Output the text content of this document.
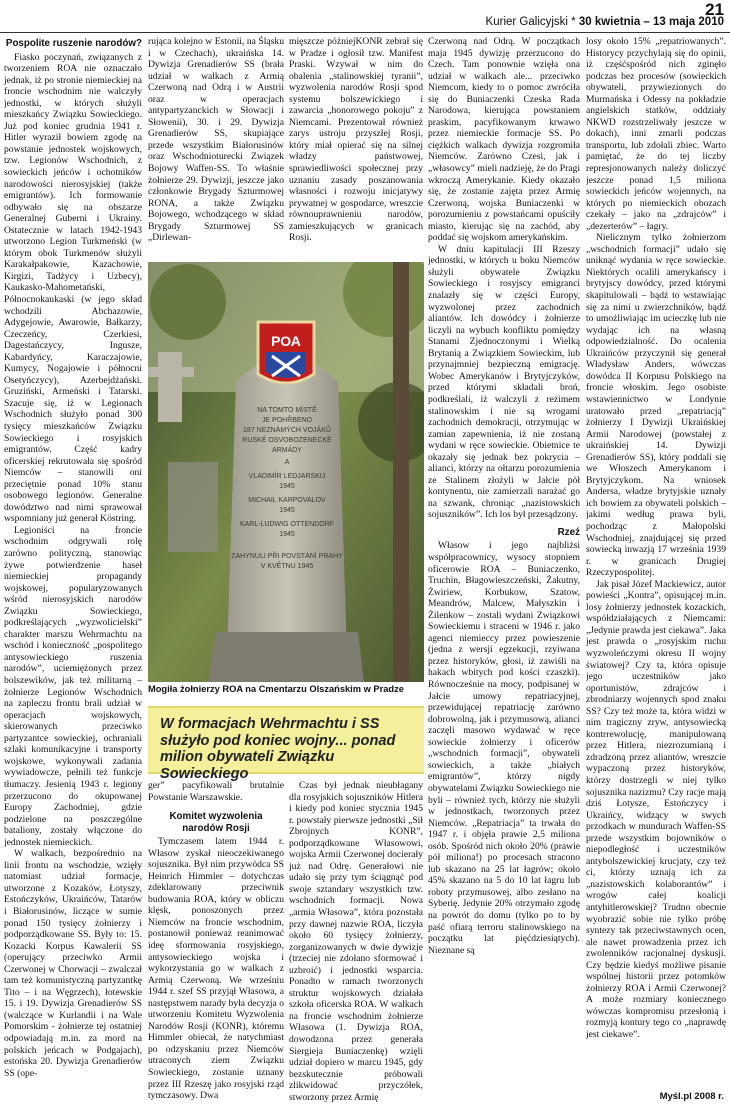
21
Kurier Galicyjski * 30 kwietnia – 13 maja 2010
Pospolite ruszenie narodów?

Fiasko poczynań, związanych z tworzeniem ROA nie oznaczało jednak, iż po stronie niemieckiej na froncie wschodnim nie walczyły jednostki, w których służyli mieszkańcy Związku Sowieckiego. Już pod koniec grudnia 1941 r. Hitler wyraził bowiem zgodę na powstanie jednostek wojskowych, tzw. Legionów Wschodnich, z sowieckich jeńców i ochotników narodowości nierosyjskiej (także emigrantów). Ich formowanie odbywało się na obszarze Generalnej Guberni i Ukrainy. Ostatecznie w latach 1942-1943 utworzono Legion Turkmeński (w którym obok Turkmenów służyli Karakałpakowie, Kazachowie, Kirgizi, Tadżycy i Uzbecy), Kaukasko-Mahometański, Północnokaukaski (w jego skład wchodzili Abchazowie, Adygejowie, Awarowie, Bałkarzy, Czeczeńcy, Czerkiesi, Dagestańczycy, Ingusze, Kabardyńcy, Karaczajowie, Kumycy, Nogajowie i północni Osetyńczycy), Azerbejdżański. Gruziński, Armeński i Tatarski. Szacuje się, iż w Legionach Wschodnich służyło ponad 300 tysięcy mieszkańców Związku Sowieckiego i rosyjskich emigrantów. Część kadry oficerskiej rekrutowała się spośród Niemców – stanowili oni przeciętnie ponad 10% stanu osobowego legionów. Generalne dowództwo nad nimi sprawował wspomniany już generał Köstring.

Legioniści na froncie wschodnim odgrywali rolę zarówno polityczną, stanowiąc żywe potwierdzenie haseł niemieckiej propagandy wojskowej, popularyzowanych wśród nierosyjskich narodów Związku Sowieckiego, podkreślających „wyzwolicielski” charakter marszu Wehrmachtu na wschód i konieczność „pospolitego antysowieckiego ruszenia narodów”, uciemiężonych przez bolszewików, jak też militarną – żołnierze Legionów Wschodnich na zapleczu frontu brali udział w operacjach wojskowych, skierowanych przeciwko partyzantce sowieckiej, ochraniali szlaki komunikacyjne i transporty wojskowe, wykonywali zadania wywiadowcze, pełnili też funkcje tłumaczy. Jesienią 1943 r. legiony przerzucono do okupowanej Europy Zachodniej, gdzie podzielone na poszczególne bataliony, zostały włączone do jednostek niemieckich.

W walkach, bezpośrednio na linii frontu na wschodzie, wzięły natomiast udział formacje, utworzone z Kozaków, Łotyszy, Estończyków, Ukraińców, Tatarów i Białorusinów, liczące w sumie ponad 150 tysięcy żołnierzy i podporządkowane SS. Były to: 15. Kozacki Korpus Kawalerii SS (operujący przeciwko Armii Czerwonej w Chorwacji – zwalczał tam też komunistyczną partyzantkę Tito – i na Węgrzech), łotewskie 15. i 19. Dywizja Grenadierów SS (walczące w Kurlandii i na Wale Pomorskim - żołnierze tej ostatniej odpowiadają m.in. za mord na polskich jeńcach w Podgajach), estońska 20. Dywizja Grenadierów SS (ope-

rująca kolejno w Estonii, na Śląsku i w Czechach), ukraińska 14. Dywizja Grenadierów SS (brała udział w walkach z Armią Czerwoną nad Odrą i w Austrii oraz w operacjach antypartyzanckich w Słowacji i Słowenii), 30. i 29. Dywizja Grenadierów SS, skupiające przede wszystkim Białorusinów oraz Wschodnioturecki Związek Bojowy Waffen-SS. To właśnie żołnierze 29. Dywizji, jeszcze jako członkowie Brygady Szturmowej RONA, a także Związku Bojowego, wchodzącego w skład Brygady Szturmowej SS „Dirlewan-

mięszcze późniejKONR zebrał się w Pradze i ogłosił tzw. Manifest Praski. Wzywał w nim do obalenia „stalinowskiej tyranii”, wyzwolenia narodów Rosji spod systemu bolszewickiego i zawarcia „honorowego pokoju” z Niemcami. Prezentował również zarys ustroju przyszłej Rosji, który miał opierać się na silnej władzy państwowej, sprawiedliwości społecznej przy uznaniu zasady poszanowania własności i rozwoju inicjatywy prywatnej w gospodarce, wreszcie równouprawnieniu narodów, zamieszkujących w granicach Rosji.

РОА
NA TOMTO MÍSTĚ
JE POHŘBENO
187 NEZNÁMÝCH VOJÁKŮ
RUSKÉ OSVOBOZENECKÉ
ARMÁDY
A
VLADIMÍR LEDJARSKIJ
1945
MICHAIL KARPOVALOV
1945
KARL-LUDWIG OTTENDORF
1945
ZAHYNULI PŘI POVSTÁNÍ PRAHY
V KVĚTNU 1945
Mogiła żołnierzy ROA na Cmentarzu Olszańskim w Pradze
W formacjach Wehrmachtu i SS służyło pod koniec wojny... ponad milion obywateli Związku Sowieckiego

ger” pacyfikowali brutalnie Powstanie Warszawskie.

Komitet wyzwolenia narodów Rosji

Tymczasem latem 1944 r. Własow zyskał nieoczekiwanego sojusznika. Był nim przywódca SS Heinrich Himmler – dotychczas zdeklarowany przeciwnik budowania ROA, który w obliczu klęsk, ponoszonych przez Niemców na froncie wschodnim, postanowił ponieważ reanimować ideę sformowania rosyjskiego, antysowieckiego wojska i wykorzystania go w walkach z Armią Czerwoną. We wrześniu 1944 r. szef SS przyjął Własowa, a następstwem narady była decyzja o utworzeniu Komitetu Wyzwolenia Narodów Rosji (KONR), któremu Himmler obiecał, że natychmiast po odzyskaniu przez Niemców utraconych ziem Związku Sowieckiego, zostanie uznany przez III Rzeszę jako rosyjski rząd tymczasowy. Dwa

Czas był jednak nieubłagany dla rosyjskich sojuszników Hitlera i kiedy pod koniec stycznia 1945 r. powstały pierwsze jednostki „Sił Zbrojnych KONR”, podporządkowane Własowowi, wojska Armii Czerwonej docierały już nad Odrę. Generałowi nie udało się przy tym ściągnąć pod swoje sztandary wszystkich tzw. wschodnich formacji. Nowa „armia Własowa”, która pozostała przy dawnej nazwie ROA, liczyła około 60 tysięcy żołnierzy, zorganizowanych w dwie dywizje (trzeciej nie zdołano sformować i uzbroić) i jednostki wsparcia. Ponadto w ramach tworzonych struktur wojskowych działała szkoła oficerska ROA. W walkach na froncie wschodnim żołnierze Własowa (1. Dywizja ROA, dowodzona przez generała Siergieja Buniaczenkę) wzięli udział dopiero w marcu 1945, gdy bezskutecznie próbowali zlikwidować przyczółek, stworzony przez Armię

Czerwoną nad Odrą. W początkach maja 1945 dywizję przerzucono do Czech. Tam ponownie wzięła ona udział w walkach ale... przeciwko Niemcom, kiedy to o pomoc zwróciła się do Buniaczenki Czeska Rada Narodowa, kierująca powstaniem praskim, pacyfikowanym krwawo przez niemieckie formacje SS. Po ciężkich walkach dywizja rozgromiła Niemców. Zarówno Czesi, jak i „własowcy” mieli nadzieję, że do Pragi wkroczą Amerykanie. Kiedy okazało się, że zostanie zajęta przez Armię Czerwoną, wojska Buniaczenki w porozumieniu z powstańcami opuściły miasto, kierując się na zachód, aby poddać się wojskom amerykańskim.

W dniu kapitulacji III Rzeszy jednostki, w których u boku Niemców służyli obywatele Związku Sowieckiego i rosyjscy emigranci znalazły się w części Europy, wyzwolonej przez zachodnich aliantów. Ich dowódcy i żołnierze liczyli na wybuch konfliktu pomiędzy Stanami Zjednoczonymi i Wielką Brytanią a Związkiem Sowieckim, lub przynajmniej bezpieczną emigrację. Wobec Amerykanów i Brytyjczyków, przed którymi składali broń, podkreślali, iż walczyli z reżimem stalinowskim i nie są wrogami zachodnich demokracji, otrzymując w zamian zapewnienia, iż nie zostaną wydani w ręce sowieckie. Obietnice te okazały się jednak bez pokrycia – alianci, którzy na ołtarzu porozumienia ze Stalinem złożyli w Jałcie pół kontynentu, nie zamierzali narażać go na szwank, chroniąc „nazistowskich sojuszników”. Ich los był przesądzony.

Rzeź

Własow i jego najbliżsi współpracownicy, wysocy stopniem oficerowie ROA – Buniaczenko, Truchin, Błagowieszczeński, Żakutny, Żwiriew, Korbukow, Szatow, Meandrów, Malcew, Małyszkin i Żilenkow – zostali wydani Związkowi Sowieckiemu i straceni w 1946 r. jako agenci niemieccy przez powieszenie (jedna z wersji egzekucji, rzyiwana przez historyków, głosi, iż zawiśli na hakach wbitych pod kości czaszki). Równocześnie na mocy, podpisanej w Jałcie umowy repatriacyjnej, przewidującej repatriację zarówno dobrowolną, jak i przymusową, alianci zaczęli masowo wydawać w ręce sowieckie żołnierzy i oficerów „wschodnich formacji”, obywateli sowieckich, a także „białych emigrantów”, którzy nigdy obywatelami Związku Sowieckiego nie byli – również tych, którzy nie służyli w jednostkach, tworzonych przez Niemców. „Repatriacja” ta trwała do 1947 r. i objęła prawie 2,5 miliona osób. Spośród nich około 20% (prawie pół miliona!) po procesach stracono lub skazano na 25 lat łagrów; około 45% skazano na 5 do 10 lat łagru lub roboty przymusowej, albo zesłano na Syberię. Jedynie 20% otrzymało zgodę na powrót do domu (tylko po to by paść ofiarą terroru stalinowskiego na początku lat pięćdziesiątych). Nieznane są

losy około 15% „repatriowanych”. Historycy przychylają się do opinii, iż częśćspośród nich zginęło podczas bez procesów (sowieckich obywateli, przywiezionych do Murmańska i Odessy na pokładzie angielskich statków, oddziały NKWD rozstrzeliwały jeszcze w dokach), inni zmarli podczas transportu, lub zdołali zbiec. Warto pamiętać, że do tej liczby represjonowanych należy doliczyć jeszcze ponad 1,5 miliona sowieckich jeńców wojennych, na których po niemieckich obozach czekały – jako na „zdrajców” i „dezerterów” – łagry.

Nielicznym tylko żołnierzom „wschodnich formacji” udało się uniknąć wydania w ręce sowieckie. Niektórych ocalili amerykańscy i brytyjscy dowódcy, przed którymi skapitulowali – bądź to wstawiając się za nimi u zwierzchników, bądź to umożliwiając im ucieczkę lub nie wydając ich na własną odpowiedzialność. Do ocalenia Ukraińców przyczynił się generał Władysław Anders, wówczas dowódca II Korpusu Polskiego na froncie włoskim. Jego osobiste wstawiennictwo w Londynie uratowało przed „repatriacją” żołnierzy I Dywizji Ukraińskiej Armii Narodowej (powstałej z ukraińskiej 14. Dywizji Grenadierów SS), który poddali się we Włoszech Amerykanom i Brytyjczykom. Na wniosek Andersa, władze brytyjskie uznały ich bowiem za obywateli polskich – jakimi według prawa byli, pochodząc z Małopolski Wschodniej, znajdującej się przed sowiecką inwazją 17 września 1939 r. w granicach Drugiej Rzeczypospolitej.

Jak pisał Józef Mackiewicz, autor powieści „Kontra”, opisującej m.in. losy żołnierzy jednostek kozackich, współdziałających z Niemcami: „Jedynie prawda jest ciekawa”. Jaka jest prawda o „rosyjskim ruchu wyzwoleńczymi okresu II wojny światowej? Czy ta, która opisuje jego uczestników jako oportunistów, zdrajców i zbrodniarzy wojennych spod znaku SS? Czy też może ta, która widzi w nim tragiczny zryw, antysowiecką kontrrewolucję, manipulowaną przez Hitlera, niezrozumianą i zdradzoną przez aliantów, wreszcie wypaczoną przez historyków, którzy dostrzegli w niej tylko sojusznika nazizmu? Czy racje mają dziś Łotysze, Estończycy i Ukraińcy, widzący w swych przodkach w mundurach Waffen-SS przede wszystkim bojowników o niepodległość i uczestników antybolszewickiej krucjaty, czy też ci, którzy uznają ich za „nazistowskich kolaborantów” i wrogów całej koalicji antyhitlerowskiej? Trudno obecnie wyobrazić sobie nie tylko próbę syntezy tak przeciwstawnych ocen, ale nawet prowadzenia przez ich zwolenników racjonalnej dyskusji. Czy będzie kiedyś możliwe pisanie wspólnej historii przez potomków żołnierzy ROA i Armii Czerwonej? A może rozmiary koniecznego wówczas kompromisu przesłonią i rozmyją kontury tego co „naprawdę jest ciekawe”.

Myśl.pl 2008 r.
